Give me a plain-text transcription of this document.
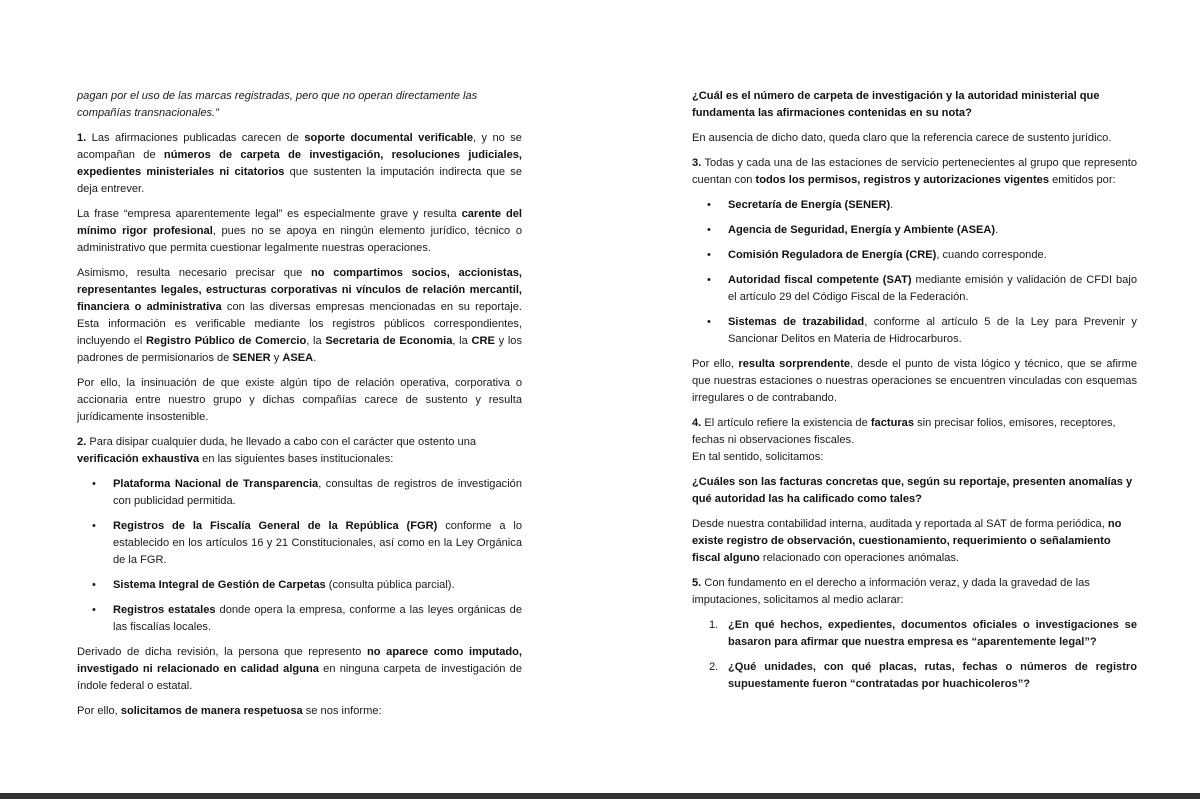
pagan por el uso de las marcas registradas, pero que no operan directamente las compañías transnacionales.”

1. Las afirmaciones publicadas carecen de soporte documental verificable, y no se acompañan de números de carpeta de investigación, resoluciones judiciales, expedientes ministeriales ni citatorios que sustenten la imputación indirecta que se deja entrever.

La frase “empresa aparentemente legal” es especialmente grave y resulta carente del mínimo rigor profesional, pues no se apoya en ningún elemento jurídico, técnico o administrativo que permita cuestionar legalmente nuestras operaciones.

Asimismo, resulta necesario precisar que no compartimos socios, accionistas, representantes legales, estructuras corporativas ni vínculos de relación mercantil, financiera o administrativa con las diversas empresas mencionadas en su reportaje. Esta información es verificable mediante los registros públicos correspondientes, incluyendo el Registro Público de Comercio, la Secretaria de Economia, la CRE y los padrones de permisionarios de SENER y ASEA.

Por ello, la insinuación de que existe algún tipo de relación operativa, corporativa o accionaria entre nuestro grupo y dichas compañías carece de sustento y resulta jurídicamente insostenible.

2. Para disipar cualquier duda, he llevado a cabo con el carácter que ostento una verificación exhaustiva en las siguientes bases institucionales:

• Plataforma Nacional de Transparencia, consultas de registros de investigación con publicidad permitida.
• Registros de la Fiscalía General de la República (FGR) conforme a lo establecido en los artículos 16 y 21 Constitucionales, así como en la Ley Orgánica de la FGR.
• Sistema Integral de Gestión de Carpetas (consulta pública parcial).
• Registros estatales donde opera la empresa, conforme a las leyes orgánicas de las fiscalías locales.

Derivado de dicha revisión, la persona que represento no aparece como imputado, investigado ni relacionado en calidad alguna en ninguna carpeta de investigación de índole federal o estatal.

Por ello, solicitamos de manera respetuosa se nos informe:

¿Cuál es el número de carpeta de investigación y la autoridad ministerial que fundamenta las afirmaciones contenidas en su nota?

En ausencia de dicho dato, queda claro que la referencia carece de sustento jurídico.

3. Todas y cada una de las estaciones de servicio pertenecientes al grupo que represento cuentan con todos los permisos, registros y autorizaciones vigentes emitidos por:

• Secretaría de Energía (SENER).
• Agencia de Seguridad, Energía y Ambiente (ASEA).
• Comisión Reguladora de Energía (CRE), cuando corresponde.
• Autoridad fiscal competente (SAT) mediante emisión y validación de CFDI bajo el artículo 29 del Código Fiscal de la Federación.
• Sistemas de trazabilidad, conforme al artículo 5 de la Ley para Prevenir y Sancionar Delitos en Materia de Hidrocarburos.

Por ello, resulta sorprendente, desde el punto de vista lógico y técnico, que se afirme que nuestras estaciones o nuestras operaciones se encuentren vinculadas con esquemas irregulares o de contrabando.

4. El artículo refiere la existencia de facturas sin precisar folios, emisores, receptores, fechas ni observaciones fiscales.

En tal sentido, solicitamos:

¿Cuáles son las facturas concretas que, según su reportaje, presenten anomalías y qué autoridad las ha calificado como tales?

Desde nuestra contabilidad interna, auditada y reportada al SAT de forma periódica, no existe registro de observación, cuestionamiento, requerimiento o señalamiento fiscal alguno relacionado con operaciones anómalas.

5. Con fundamento en el derecho a información veraz, y dada la gravedad de las imputaciones, solicitamos al medio aclarar:

1. ¿En qué hechos, expedientes, documentos oficiales o investigaciones se basaron para afirmar que nuestra empresa es “aparentemente legal”?
2. ¿Qué unidades, con qué placas, rutas, fechas o números de registro supuestamente fueron “contratadas por huachicoleros”?
